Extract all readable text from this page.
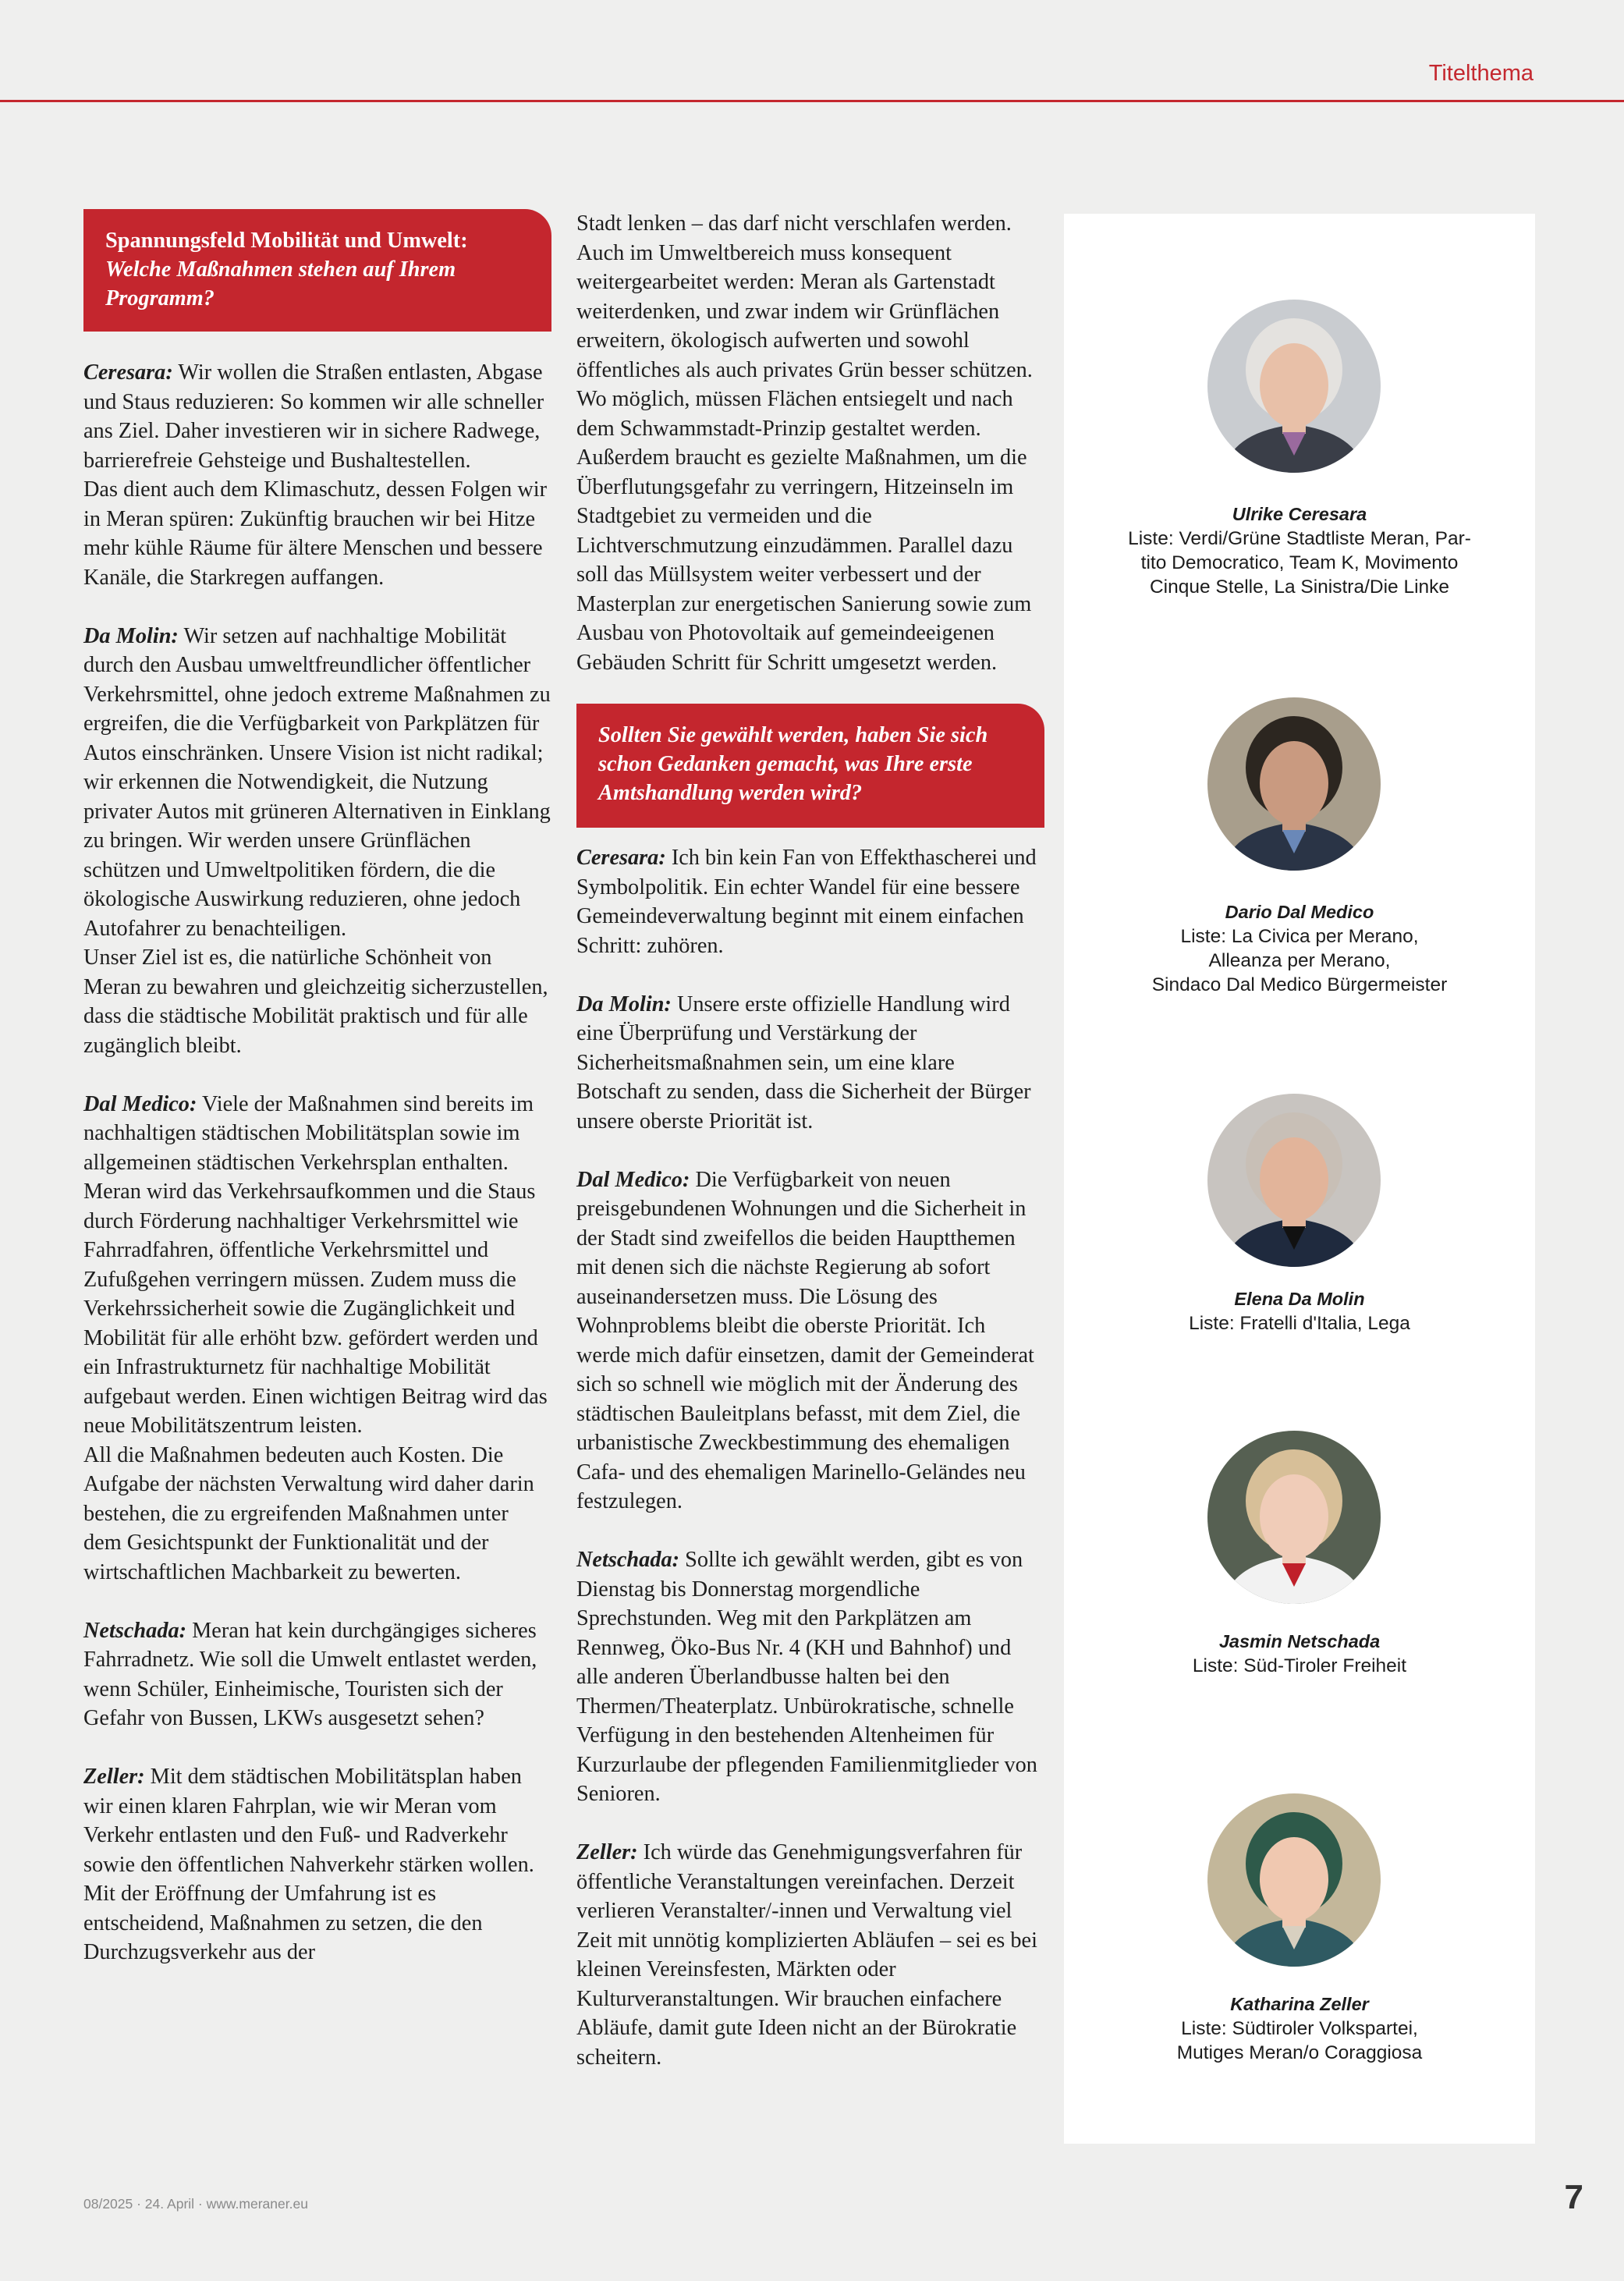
Titelthema
Spannungsfeld Mobilität und Umwelt:
Welche Maßnahmen stehen auf Ihrem Programm?

Ceresara: Wir wollen die Straßen entlasten, Abgase und Staus reduzieren: So kommen wir alle schneller ans Ziel. Daher investieren wir in sichere Radwege, barrierefreie Gehsteige und Bushaltestellen.

Das dient auch dem Klimaschutz, dessen Folgen wir in Meran spüren: Zukünftig brauchen wir bei Hitze mehr kühle Räume für ältere Menschen und bessere Kanäle, die Starkregen auffangen.

Da Molin: Wir setzen auf nachhaltige Mobilität durch den Ausbau umweltfreundlicher öffentlicher Verkehrsmittel, ohne jedoch extreme Maßnahmen zu ergreifen, die die Verfügbarkeit von Parkplätzen für Autos einschränken. Unsere Vision ist nicht radikal; wir erkennen die Notwendigkeit, die Nutzung privater Autos mit grüneren Alternativen in Einklang zu bringen. Wir werden unsere Grünflächen schützen und Umweltpolitiken fördern, die die ökologische Auswirkung reduzieren, ohne jedoch Autofahrer zu benachteiligen.

Unser Ziel ist es, die natürliche Schönheit von Meran zu bewahren und gleichzeitig sicherzustellen, dass die städtische Mobilität praktisch und für alle zugänglich bleibt.

Dal Medico: Viele der Maßnahmen sind bereits im nachhaltigen städtischen Mobilitätsplan sowie im allgemeinen städtischen Verkehrsplan enthalten. Meran wird das Verkehrsaufkommen und die Staus durch Förderung nachhaltiger Verkehrsmittel wie Fahrradfahren, öffentliche Verkehrsmittel und Zufußgehen verringern müssen. Zudem muss die Verkehrssicherheit sowie die Zugänglichkeit und Mobilität für alle erhöht bzw. gefördert werden und ein Infrastrukturnetz für nachhaltige Mobilität aufgebaut werden. Einen wichtigen Beitrag wird das neue Mobilitätszentrum leisten.

All die Maßnahmen bedeuten auch Kosten. Die Aufgabe der nächsten Verwaltung wird daher darin bestehen, die zu ergreifenden Maßnahmen unter dem Gesichtspunkt der Funktionalität und der wirtschaftlichen Machbarkeit zu bewerten.

Netschada: Meran hat kein durchgängiges sicheres Fahrradnetz. Wie soll die Umwelt entlastet werden, wenn Schüler, Einheimische, Touristen sich der Gefahr von Bussen, LKWs ausgesetzt sehen?

Zeller: Mit dem städtischen Mobilitätsplan haben wir einen klaren Fahrplan, wie wir Meran vom Verkehr entlasten und den Fuß- und Radverkehr sowie den öffentlichen Nahverkehr stärken wollen. Mit der Eröffnung der Umfahrung ist es entscheidend, Maßnahmen zu setzen, die den Durchzugsverkehr aus der

Stadt lenken – das darf nicht verschlafen werden. Auch im Umweltbereich muss konsequent weitergearbeitet werden: Meran als Gartenstadt weiterdenken, und zwar indem wir Grünflächen erweitern, ökologisch aufwerten und sowohl öffentliches als auch privates Grün besser schützen. Wo möglich, müssen Flächen entsiegelt und nach dem Schwammstadt-Prinzip gestaltet werden. Außerdem braucht es gezielte Maßnahmen, um die Überflutungsgefahr zu verringern, Hitzeinseln im Stadtgebiet zu vermeiden und die Lichtverschmutzung einzudämmen. Parallel dazu soll das Müllsystem weiter verbessert und der Masterplan zur energetischen Sanierung sowie zum Ausbau von Photovoltaik auf gemeindeeigenen Gebäuden Schritt für Schritt umgesetzt werden.

Sollten Sie gewählt werden, haben Sie sich schon Gedanken gemacht, was Ihre erste Amtshandlung werden wird?

Ceresara: Ich bin kein Fan von Effekthascherei und Symbolpolitik. Ein echter Wandel für eine bessere Gemeindeverwaltung beginnt mit einem einfachen Schritt: zuhören.

Da Molin: Unsere erste offizielle Handlung wird eine Überprüfung und Verstärkung der Sicherheitsmaßnahmen sein, um eine klare Botschaft zu senden, dass die Sicherheit der Bürger unsere oberste Priorität ist.

Dal Medico: Die Verfügbarkeit von neuen preisgebundenen Wohnungen und die Sicherheit in der Stadt sind zweifellos die beiden Hauptthemen mit denen sich die nächste Regierung ab sofort auseinandersetzen muss. Die Lösung des Wohnproblems bleibt die oberste Priorität. Ich werde mich dafür einsetzen, damit der Gemeinderat sich so schnell wie möglich mit der Änderung des städtischen Bauleitplans befasst, mit dem Ziel, die urbanistische Zweckbestimmung des ehemaligen Cafa- und des ehemaligen Marinello-Geländes neu festzulegen.

Netschada: Sollte ich gewählt werden, gibt es von Dienstag bis Donnerstag morgendliche Sprechstunden. Weg mit den Parkplätzen am Rennweg, Öko-Bus Nr. 4 (KH und Bahnhof) und alle anderen Überlandbusse halten bei den Thermen/Theaterplatz. Unbürokratische, schnelle Verfügung in den bestehenden Altenheimen für Kurzurlaube der pflegenden Familienmitglieder von Senioren.

Zeller: Ich würde das Genehmigungsverfahren für öffentliche Veranstaltungen vereinfachen. Derzeit verlieren Veranstalter/-innen und Verwaltung viel Zeit mit unnötig komplizierten Abläufen – sei es bei kleinen Vereinsfesten, Märkten oder Kulturveranstaltungen. Wir brauchen einfachere Abläufe, damit gute Ideen nicht an der Bürokratie scheitern.

Ulrike Ceresara
Liste: Verdi/Grüne Stadtliste Meran, Par-
tito Democratico, Team K, Movimento
Cinque Stelle, La Sinistra/Die Linke
Dario Dal Medico
Liste: La Civica per Merano,
Alleanza per Merano,
Sindaco Dal Medico Bürgermeister
Elena Da Molin
Liste: Fratelli d'Italia, Lega
Jasmin Netschada
Liste: Süd-Tiroler Freiheit
Katharina Zeller
Liste: Südtiroler Volkspartei,
Mutiges Meran/o Coraggiosa
08/2025 · 24. April · www.meraner.eu	7
